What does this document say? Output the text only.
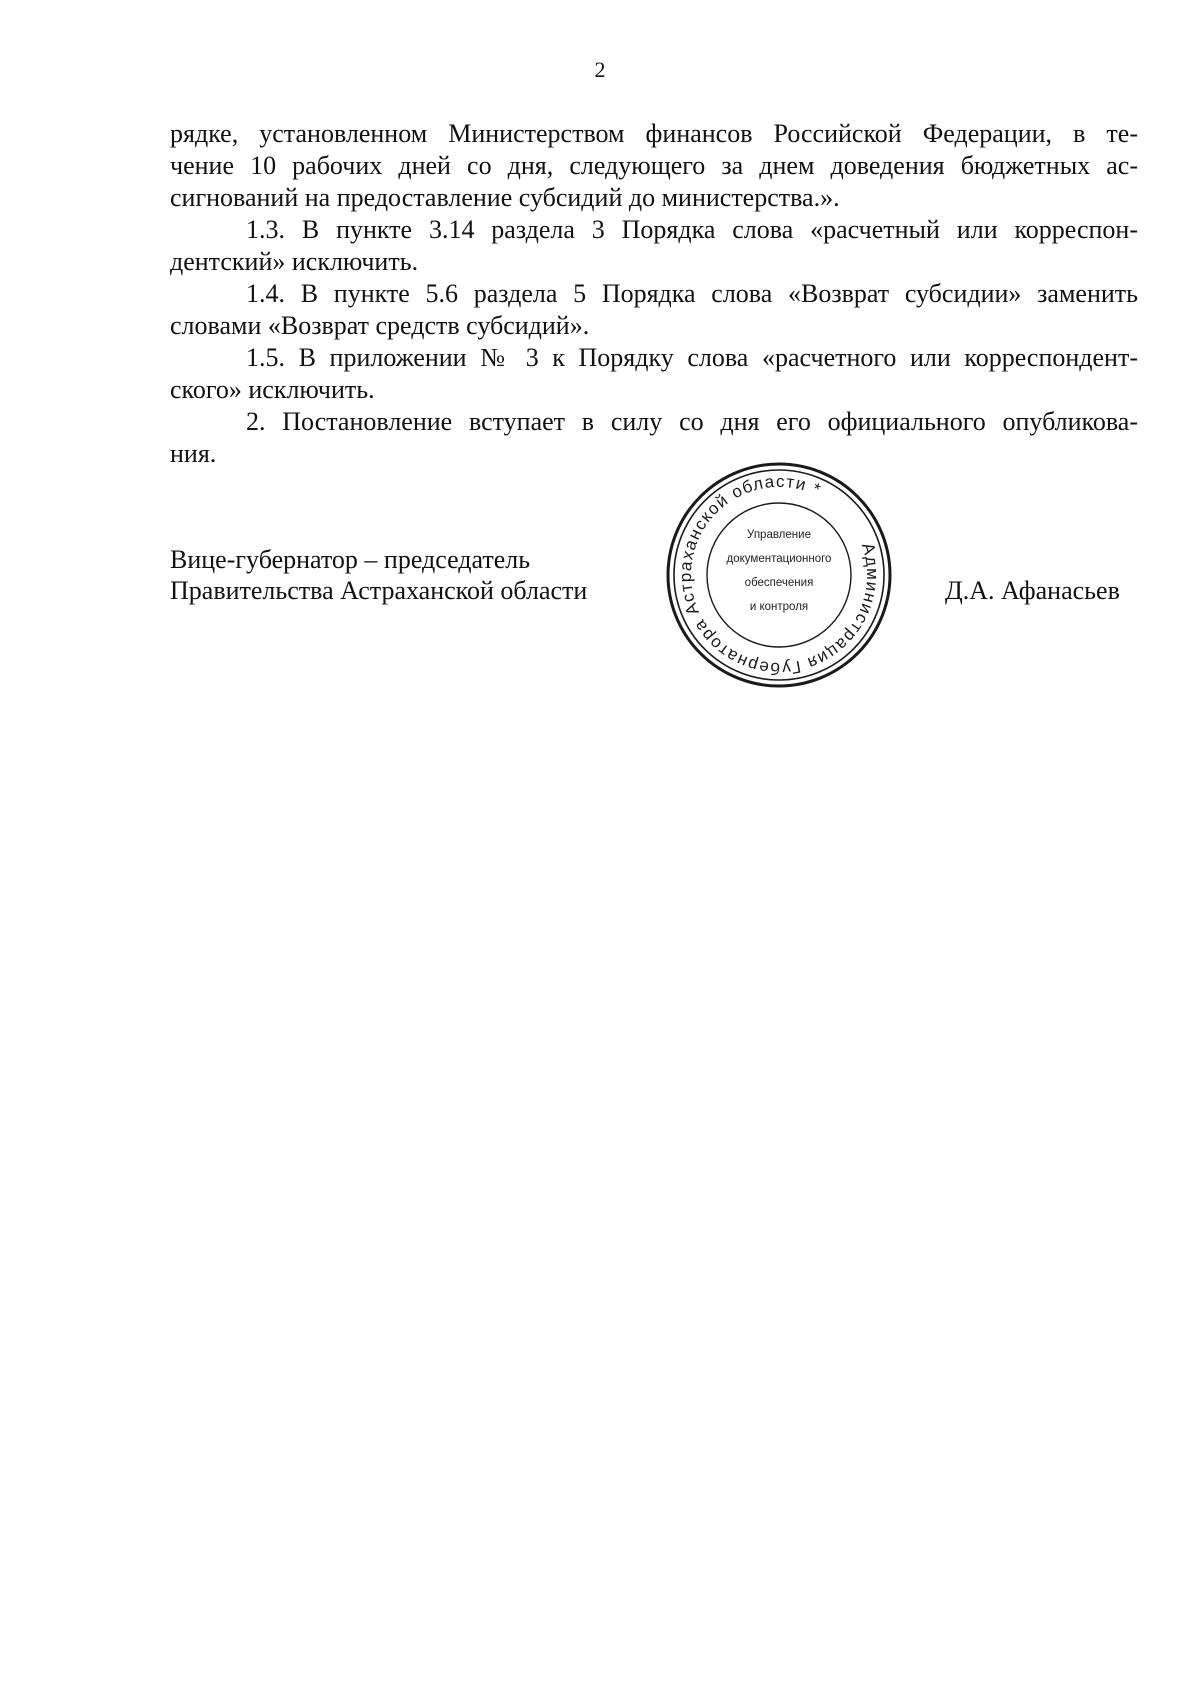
2

рядке, установленном Министерством финансов Российской Федерации, в те-
чение 10 рабочих дней со дня, следующего за днем доведения бюджетных ас-
сигнований на предоставление субсидий до министерства.».

1.3. В пункте 3.14 раздела 3 Порядка слова «расчетный или корреспон-
дентский» исключить.

1.4. В пункте 5.6 раздела 5 Порядка слова «Возврат субсидии» заменить
словами «Возврат средств субсидий».

1.5. В приложении № 3 к Порядку слова «расчетного или корреспондент-
ского» исключить.

2. Постановление вступает в силу со дня его официального опубликова-
ния.

Вице-губернатор – председатель
Правительства Астраханской области
Администрация Губернатора Астраханской области *
Управление
документационного
обеспечения
и контроля
Д.А. Афанасьев
